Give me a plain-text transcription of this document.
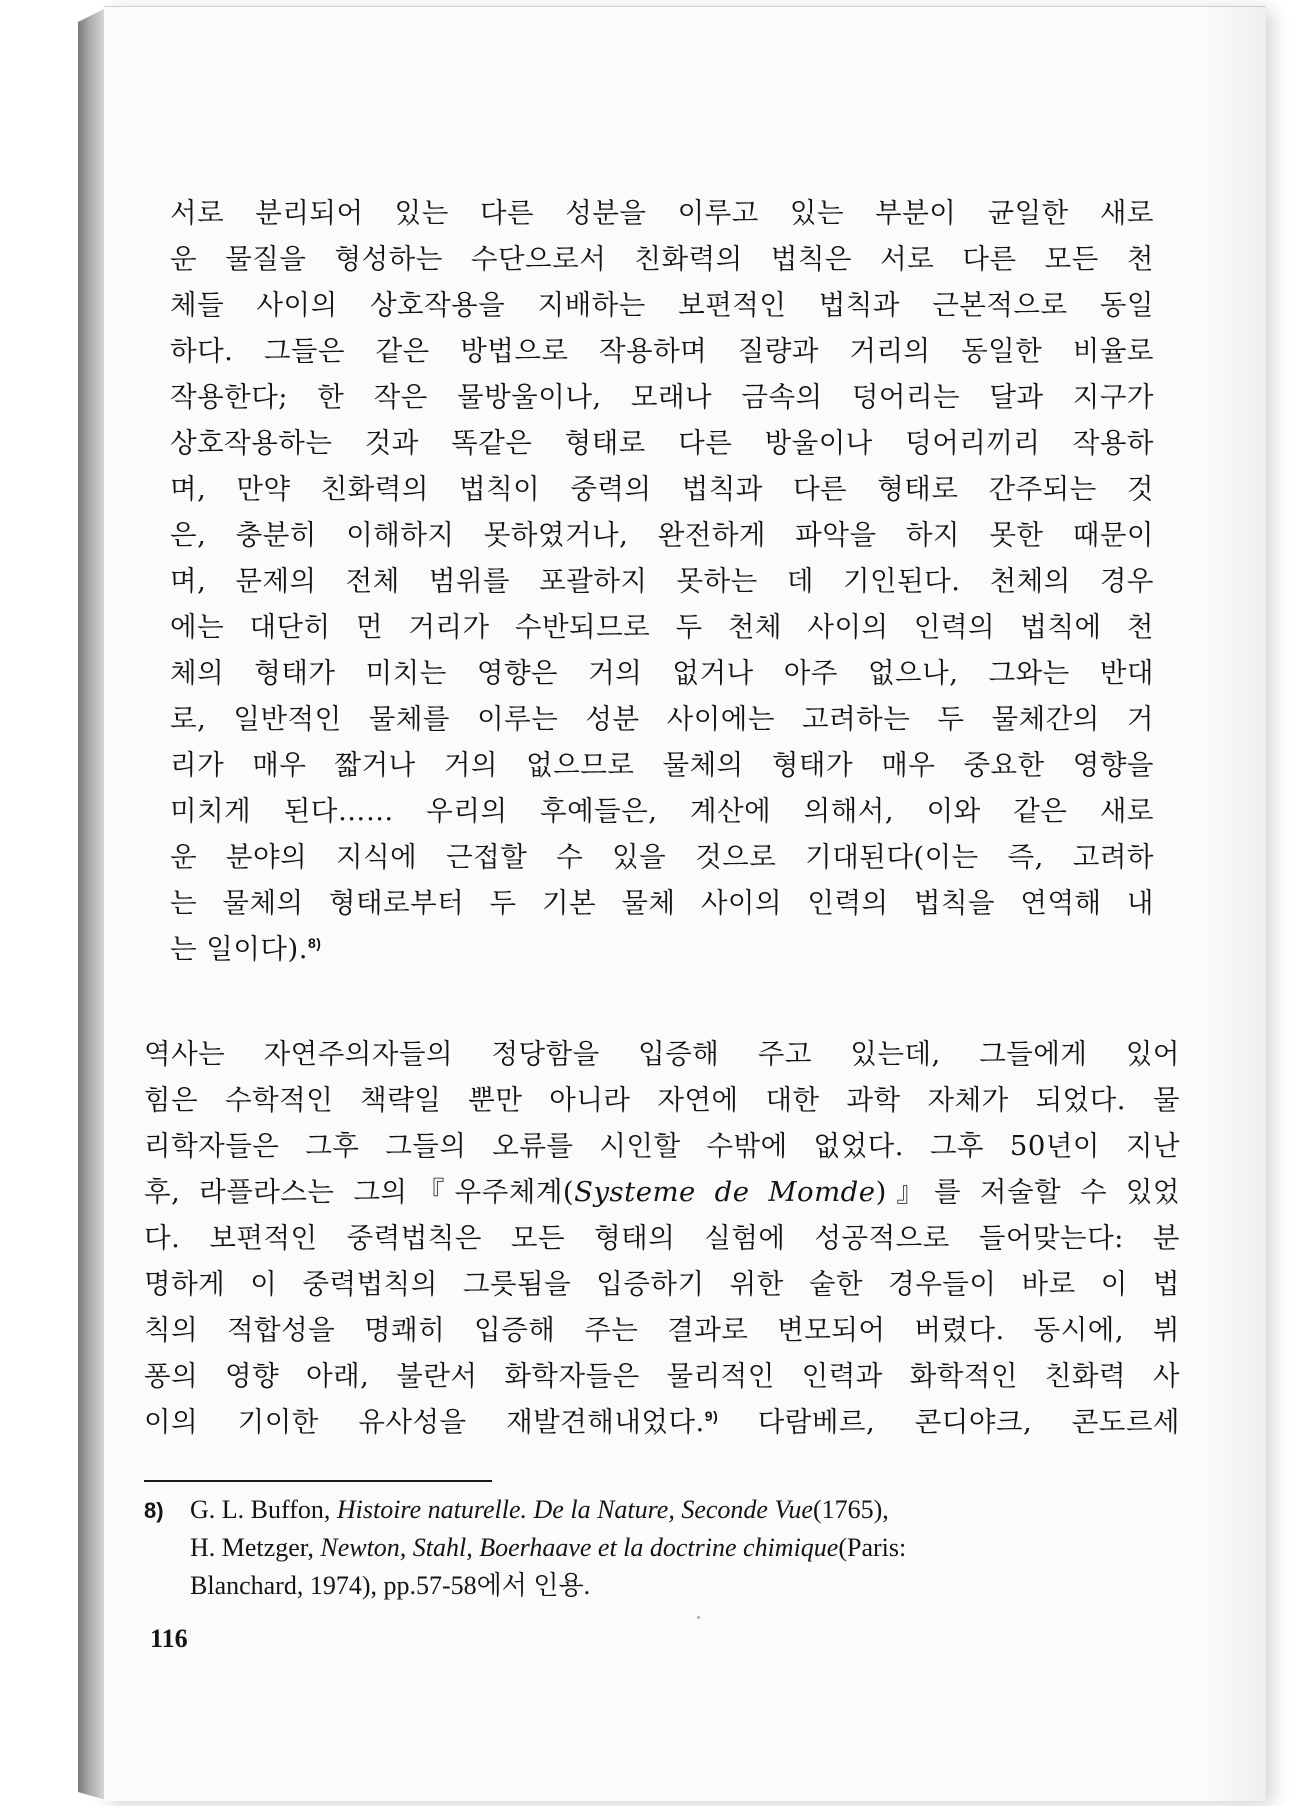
서로 분리되어 있는 다른 성분을 이루고 있는 부분이 균일한 새로
운 물질을 형성하는 수단으로서 친화력의 법칙은 서로 다른 모든 천
체들 사이의 상호작용을 지배하는 보편적인 법칙과 근본적으로 동일
하다. 그들은 같은 방법으로 작용하며 질량과 거리의 동일한 비율로
작용한다; 한 작은 물방울이나, 모래나 금속의 덩어리는 달과 지구가
상호작용하는 것과 똑같은 형태로 다른 방울이나 덩어리끼리 작용하
며, 만약 친화력의 법칙이 중력의 법칙과 다른 형태로 간주되는 것
은, 충분히 이해하지 못하였거나, 완전하게 파악을 하지 못한 때문이
며, 문제의 전체 범위를 포괄하지 못하는 데 기인된다. 천체의 경우
에는 대단히 먼 거리가 수반되므로 두 천체 사이의 인력의 법칙에 천
체의 형태가 미치는 영향은 거의 없거나 아주 없으나, 그와는 반대
로, 일반적인 물체를 이루는 성분 사이에는 고려하는 두 물체간의 거
리가 매우 짧거나 거의 없으므로 물체의 형태가 매우 중요한 영향을
미치게 된다…… 우리의 후예들은, 계산에 의해서, 이와 같은 새로
운 분야의 지식에 근접할 수 있을 것으로 기대된다(이는 즉, 고려하
는 물체의 형태로부터 두 기본 물체 사이의 인력의 법칙을 연역해 내
는 일이다).$^{8)}$
역사는 자연주의자들의 정당함을 입증해 주고 있는데, 그들에게 있어
힘은 수학적인 책략일 뿐만 아니라 자연에 대한 과학 자체가 되었다. 물
리학자들은 그후 그들의 오류를 시인할 수밖에 없었다. 그후 50년이 지난
후, 라플라스는 그의『우주체계(Systeme de Momde)』를 저술할 수 있었
다. 보편적인 중력법칙은 모든 형태의 실험에 성공적으로 들어맞는다: 분
명하게 이 중력법칙의 그릇됨을 입증하기 위한 숱한 경우들이 바로 이 법
칙의 적합성을 명쾌히 입증해 주는 결과로 변모되어 버렸다. 동시에, 뷔
퐁의 영향 아래, 불란서 화학자들은 물리적인 인력과 화학적인 친화력 사
이의 기이한 유사성을 재발견해내었다.$^{9)}$ 다람베르, 콘디야크, 콘도르세
8) G. L. Buffon, Histoire naturelle. De la Nature, Seconde Vue(1765),
H. Metzger, Newton, Stahl, Boerhaave et la doctrine chimique(Paris:
Blanchard, 1974), pp.57-58에서 인용.
116
